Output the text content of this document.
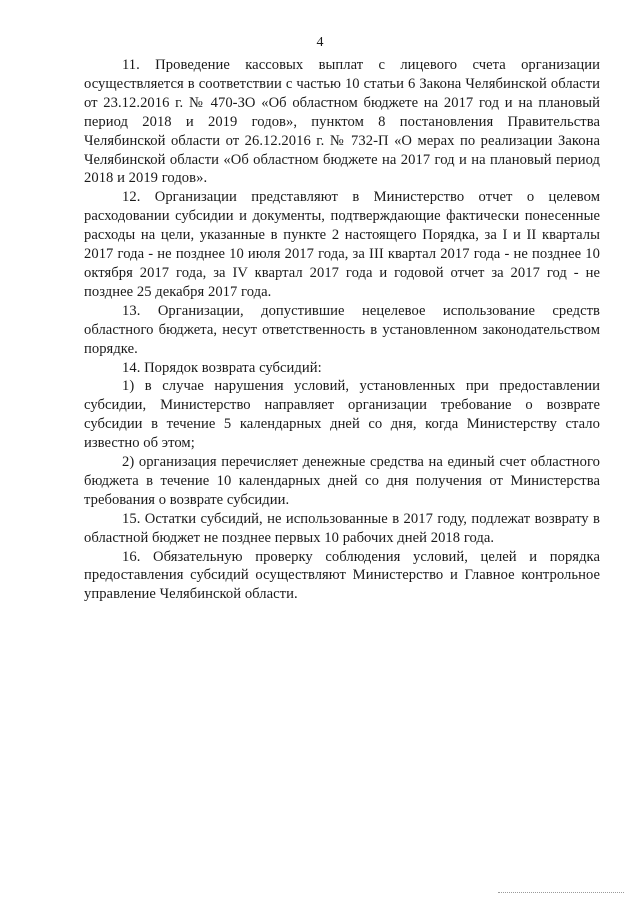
4

11. Проведение кассовых выплат с лицевого счета организации осуществляется в соответствии с частью 10 статьи 6 Закона Челябинской области от 23.12.2016 г. № 470-ЗО «Об областном бюджете на 2017 год и на плановый период 2018 и 2019 годов», пунктом 8 постановления Правительства Челябинской области от 26.12.2016 г. № 732-П «О мерах по реализации Закона Челябинской области «Об областном бюджете на 2017 год и на плановый период 2018 и 2019 годов».

12. Организации представляют в Министерство отчет о целевом расходовании субсидии и документы, подтверждающие фактически понесенные расходы на цели, указанные в пункте 2 настоящего Порядка, за I и II кварталы 2017 года - не позднее 10 июля 2017 года, за III квартал 2017 года - не позднее 10 октября 2017 года, за IV квартал 2017 года и годовой отчет за 2017 год - не позднее 25 декабря 2017 года.

13. Организации, допустившие нецелевое использование средств областного бюджета, несут ответственность в установленном законодательством порядке.

14. Порядок возврата субсидий:

1) в случае нарушения условий, установленных при предоставлении субсидии, Министерство направляет организации требование о возврате субсидии в течение 5 календарных дней со дня, когда Министерству стало известно об этом;

2) организация перечисляет денежные средства на единый счет областного бюджета в течение 10 календарных дней со дня получения от Министерства требования о возврате субсидии.

15. Остатки субсидий, не использованные в 2017 году, подлежат возврату в областной бюджет не позднее первых 10 рабочих дней 2018 года.

16. Обязательную проверку соблюдения условий, целей и порядка предоставления субсидий осуществляют Министерство и Главное контрольное управление Челябинской области.
